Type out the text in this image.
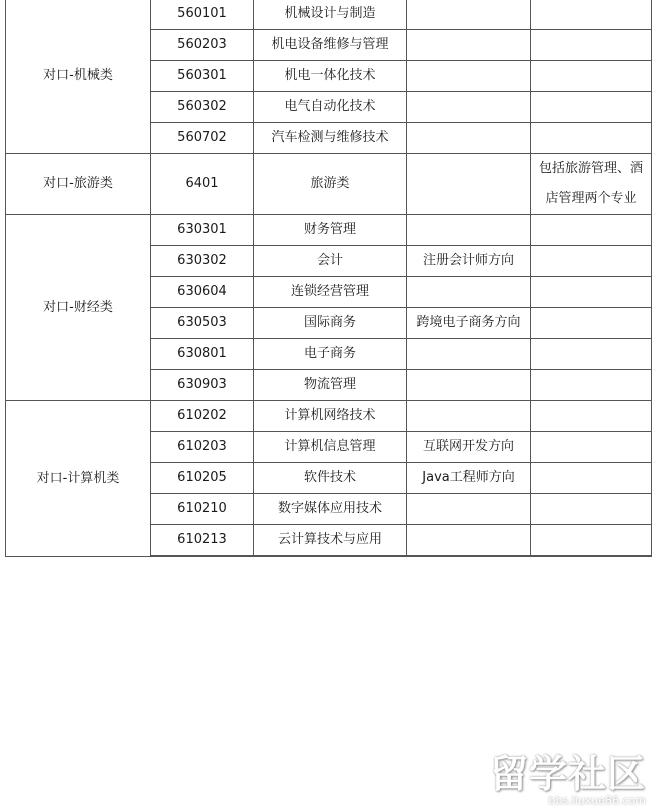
对口-机械类	560101	机械设计与制造		
	560203	机电设备维修与管理		
	560301	机电一体化技术		
	560302	电气自动化技术		
	560702	汽车检测与维修技术		
对口-旅游类	6401	旅游类		包括旅游管理、酒店管理两个专业
对口-财经类	630301	财务管理		
	630302	会计	注册会计师方向	
	630604	连锁经营管理		
	630503	国际商务	跨境电子商务方向	
	630801	电子商务		
	630903	物流管理		
对口-计算机类	610202	计算机网络技术		
	610203	计算机信息管理	互联网开发方向	
	610205	软件技术	Java工程师方向	
	610210	数字媒体应用技术		
	610213	云计算技术与应用		

留学社区
bbs.liuxue86.com
